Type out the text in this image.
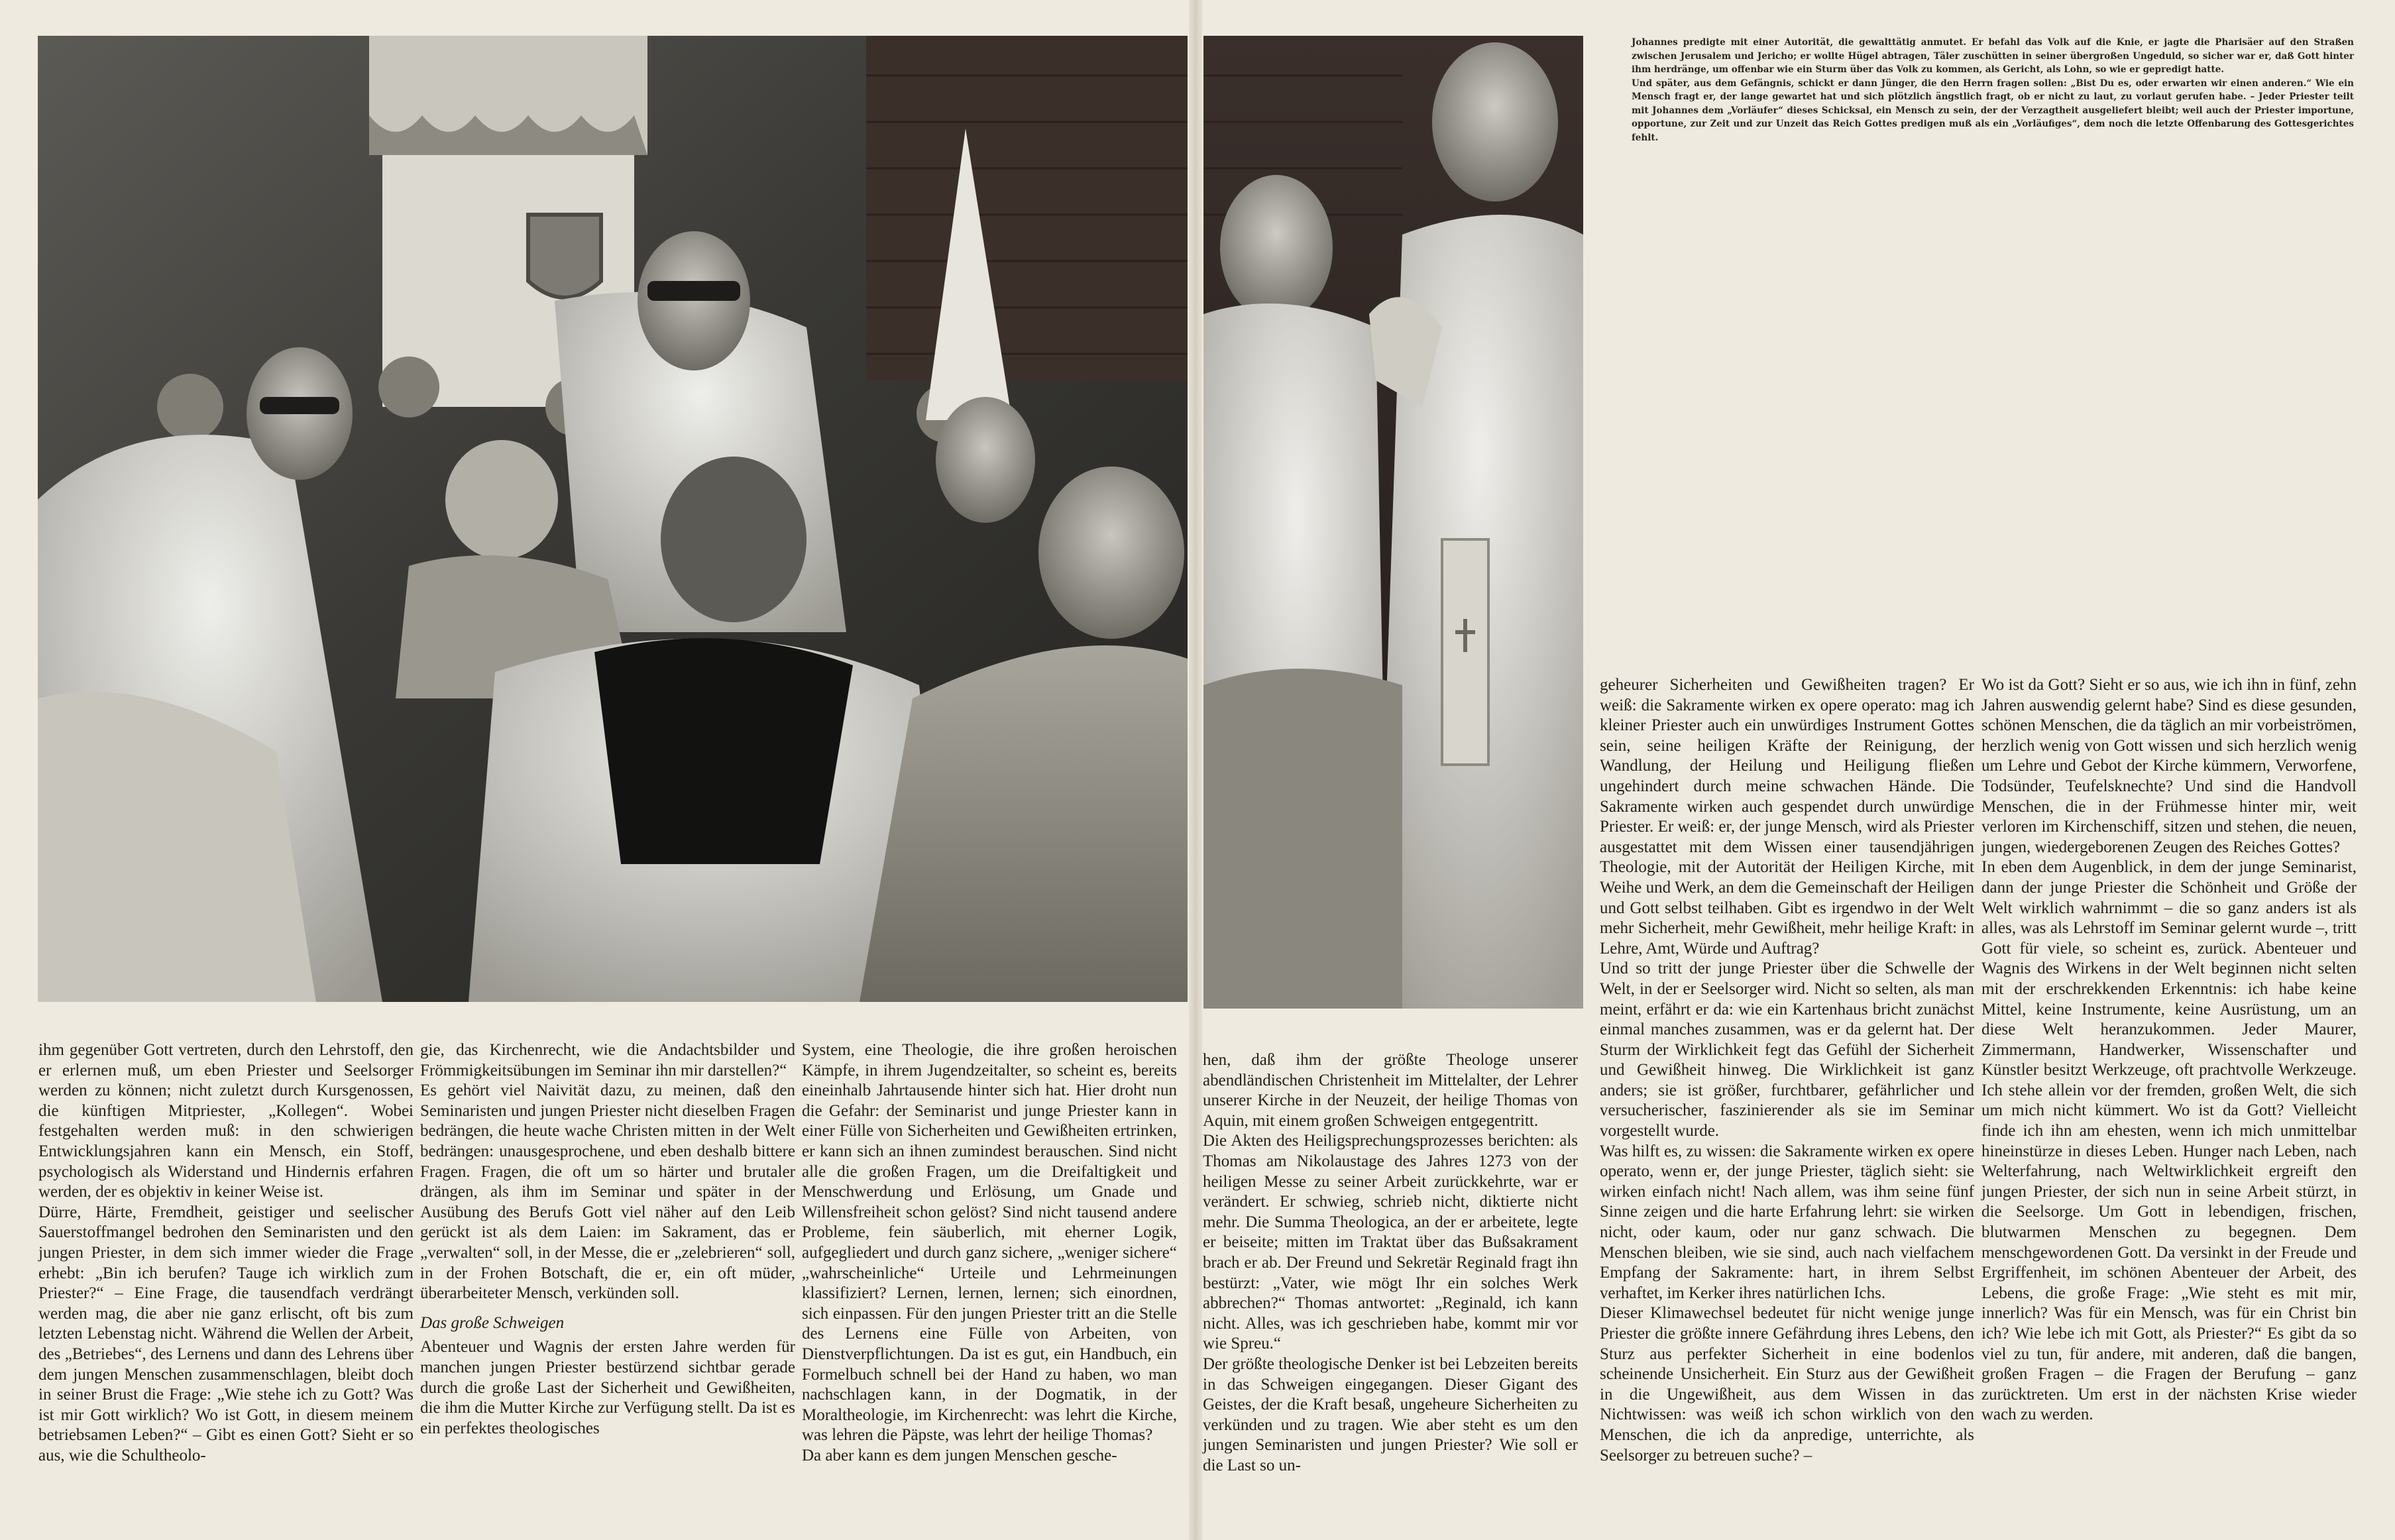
Johannes predigte mit einer Autorität, die gewalttätig anmutet. Er befahl das Volk auf die Knie, er jagte die Pharisäer auf den Straßen zwischen Jerusalem und Jericho; er wollte Hügel abtragen, Täler zuschütten in seiner übergroßen Ungeduld, so sicher war er, daß Gott hinter ihm herdränge, um offenbar wie ein Sturm über das Volk zu kommen, als Gericht, als Lohn, so wie er gepredigt hatte.

Und später, aus dem Gefängnis, schickt er dann Jünger, die den Herrn fragen sollen: „Bist Du es, oder erwarten wir einen anderen.“ Wie ein Mensch fragt er, der lange gewartet hat und sich plötzlich ängstlich fragt, ob er nicht zu laut, zu vorlaut gerufen habe. – Jeder Priester teilt mit Johannes dem „Vorläufer“ dieses Schicksal, ein Mensch zu sein, der der Verzagtheit ausgeliefert bleibt; weil auch der Priester importune, opportune, zur Zeit und zur Unzeit das Reich Gottes predigen muß als ein „Vorläufiges“, dem noch die letzte Offenbarung des Gottesgerichtes fehlt.

ihm gegenüber Gott vertreten, durch den Lehrstoff, den er erlernen muß, um eben Priester und Seelsorger werden zu können; nicht zuletzt durch Kursgenossen, die künftigen Mitpriester, „Kollegen“. Wobei festgehalten werden muß: in den schwierigen Entwicklungsjahren kann ein Mensch, ein Stoff, psychologisch als Widerstand und Hindernis erfahren werden, der es objektiv in keiner Weise ist.

Dürre, Härte, Fremdheit, geistiger und seelischer Sauerstoffmangel bedrohen den Seminaristen und den jungen Priester, in dem sich immer wieder die Frage erhebt: „Bin ich berufen? Tauge ich wirklich zum Priester?“ – Eine Frage, die tausendfach verdrängt werden mag, die aber nie ganz erlischt, oft bis zum letzten Lebenstag nicht. Während die Wellen der Arbeit, des „Betriebes“, des Lernens und dann des Lehrens über dem jungen Menschen zusammenschlagen, bleibt doch in seiner Brust die Frage: „Wie stehe ich zu Gott? Was ist mir Gott wirklich? Wo ist Gott, in diesem meinem betriebsamen Leben?“ – Gibt es einen Gott? Sieht er so aus, wie die Schultheolo-

gie, das Kirchenrecht, wie die Andachtsbilder und Frömmigkeitsübungen im Seminar ihn mir darstellen?“

Es gehört viel Naivität dazu, zu meinen, daß den Seminaristen und jungen Priester nicht dieselben Fragen bedrängen, die heute wache Christen mitten in der Welt bedrängen: unausgesprochene, und eben deshalb bittere Fragen. Fragen, die oft um so härter und brutaler drängen, als ihm im Seminar und später in der Ausübung des Berufs Gott viel näher auf den Leib gerückt ist als dem Laien: im Sakrament, das er „verwalten“ soll, in der Messe, die er „zelebrieren“ soll, in der Frohen Botschaft, die er, ein oft müder, überarbeiteter Mensch, verkünden soll.

Das große Schweigen

Abenteuer und Wagnis der ersten Jahre werden für manchen jungen Priester bestürzend sichtbar gerade durch die große Last der Sicherheit und Gewißheiten, die ihm die Mutter Kirche zur Verfügung stellt. Da ist es ein perfektes theologisches

System, eine Theologie, die ihre großen heroischen Kämpfe, in ihrem Jugendzeitalter, so scheint es, bereits eineinhalb Jahrtausende hinter sich hat. Hier droht nun die Gefahr: der Seminarist und junge Priester kann in einer Fülle von Sicherheiten und Gewißheiten ertrinken, er kann sich an ihnen zumindest berauschen. Sind nicht alle die großen Fragen, um die Dreifaltigkeit und Menschwerdung und Erlösung, um Gnade und Willensfreiheit schon gelöst? Sind nicht tausend andere Probleme, fein säuberlich, mit eherner Logik, aufgegliedert und durch ganz sichere, „weniger sichere“ „wahrscheinliche“ Urteile und Lehrmeinungen klassifiziert? Lernen, lernen, lernen; sich einordnen, sich einpassen. Für den jungen Priester tritt an die Stelle des Lernens eine Fülle von Arbeiten, von Dienstverpflichtungen. Da ist es gut, ein Handbuch, ein Formelbuch schnell bei der Hand zu haben, wo man nachschlagen kann, in der Dogmatik, in der Moraltheologie, im Kirchenrecht: was lehrt die Kirche, was lehren die Päpste, was lehrt der heilige Thomas?

Da aber kann es dem jungen Menschen gesche-

hen, daß ihm der größte Theologe unserer abendländischen Christenheit im Mittelalter, der Lehrer unserer Kirche in der Neuzeit, der heilige Thomas von Aquin, mit einem großen Schweigen entgegentritt.

Die Akten des Heiligsprechungsprozesses berichten: als Thomas am Nikolaustage des Jahres 1273 von der heiligen Messe zu seiner Arbeit zurückkehrte, war er verändert. Er schwieg, schrieb nicht, diktierte nicht mehr. Die Summa Theologica, an der er arbeitete, legte er beiseite; mitten im Traktat über das Bußsakrament brach er ab. Der Freund und Sekretär Reginald fragt ihn bestürzt: „Vater, wie mögt Ihr ein solches Werk abbrechen?“ Thomas antwortet: „Reginald, ich kann nicht. Alles, was ich geschrieben habe, kommt mir vor wie Spreu.“

Der größte theologische Denker ist bei Lebzeiten bereits in das Schweigen eingegangen. Dieser Gigant des Geistes, der die Kraft besaß, ungeheure Sicherheiten zu verkünden und zu tragen. Wie aber steht es um den jungen Seminaristen und jungen Priester? Wie soll er die Last so un-

geheurer Sicherheiten und Gewißheiten tragen? Er weiß: die Sakramente wirken ex opere operato: mag ich kleiner Priester auch ein unwürdiges Instrument Gottes sein, seine heiligen Kräfte der Reinigung, der Wandlung, der Heilung und Heiligung fließen ungehindert durch meine schwachen Hände. Die Sakramente wirken auch gespendet durch unwürdige Priester. Er weiß: er, der junge Mensch, wird als Priester ausgestattet mit dem Wissen einer tausendjährigen Theologie, mit der Autorität der Heiligen Kirche, mit Weihe und Werk, an dem die Gemeinschaft der Heiligen und Gott selbst teilhaben. Gibt es irgendwo in der Welt mehr Sicherheit, mehr Gewißheit, mehr heilige Kraft: in Lehre, Amt, Würde und Auftrag?

Und so tritt der junge Priester über die Schwelle der Welt, in der er Seelsorger wird. Nicht so selten, als man meint, erfährt er da: wie ein Kartenhaus bricht zunächst einmal manches zusammen, was er da gelernt hat. Der Sturm der Wirklichkeit fegt das Gefühl der Sicherheit und Gewißheit hinweg. Die Wirklichkeit ist ganz anders; sie ist größer, furchtbarer, gefährlicher und versucherischer, faszinierender als sie im Seminar vorgestellt wurde.

Was hilft es, zu wissen: die Sakramente wirken ex opere operato, wenn er, der junge Priester, täglich sieht: sie wirken einfach nicht! Nach allem, was ihm seine fünf Sinne zeigen und die harte Erfahrung lehrt: sie wirken nicht, oder kaum, oder nur ganz schwach. Die Menschen bleiben, wie sie sind, auch nach vielfachem Empfang der Sakramente: hart, in ihrem Selbst verhaftet, im Kerker ihres natürlichen Ichs.

Dieser Klimawechsel bedeutet für nicht wenige junge Priester die größte innere Gefährdung ihres Lebens, den Sturz aus perfekter Sicherheit in eine bodenlos scheinende Unsicherheit. Ein Sturz aus der Gewißheit in die Ungewißheit, aus dem Wissen in das Nichtwissen: was weiß ich schon wirklich von den Menschen, die ich da anpredige, unterrichte, als Seelsorger zu betreuen suche? –

Wo ist da Gott? Sieht er so aus, wie ich ihn in fünf, zehn Jahren auswendig gelernt habe? Sind es diese gesunden, schönen Menschen, die da täglich an mir vorbeiströmen, herzlich wenig von Gott wissen und sich herzlich wenig um Lehre und Gebot der Kirche kümmern, Verworfene, Todsünder, Teufelsknechte? Und sind die Handvoll Menschen, die in der Frühmesse hinter mir, weit verloren im Kirchenschiff, sitzen und stehen, die neuen, jungen, wiedergeborenen Zeugen des Reiches Gottes?

In eben dem Augenblick, in dem der junge Seminarist, dann der junge Priester die Schönheit und Größe der Welt wirklich wahrnimmt – die so ganz anders ist als alles, was als Lehrstoff im Seminar gelernt wurde –, tritt Gott für viele, so scheint es, zurück. Abenteuer und Wagnis des Wirkens in der Welt beginnen nicht selten mit der erschrekkenden Erkenntnis: ich habe keine Mittel, keine Instrumente, keine Ausrüstung, um an diese Welt heranzukommen. Jeder Maurer, Zimmermann, Handwerker, Wissenschafter und Künstler besitzt Werkzeuge, oft prachtvolle Werkzeuge. Ich stehe allein vor der fremden, großen Welt, die sich um mich nicht kümmert. Wo ist da Gott? Vielleicht finde ich ihn am ehesten, wenn ich mich unmittelbar hineinstürze in dieses Leben. Hunger nach Leben, nach Welterfahrung, nach Weltwirklichkeit ergreift den jungen Priester, der sich nun in seine Arbeit stürzt, in die Seelsorge. Um Gott in lebendigen, frischen, blutwarmen Menschen zu begegnen. Dem menschgewordenen Gott. Da versinkt in der Freude und Ergriffenheit, im schönen Abenteuer der Arbeit, des Lebens, die große Frage: „Wie steht es mit mir, innerlich? Was für ein Mensch, was für ein Christ bin ich? Wie lebe ich mit Gott, als Priester?“ Es gibt da so viel zu tun, für andere, mit anderen, daß die bangen, großen Fragen – die Fragen der Berufung – ganz zurücktreten. Um erst in der nächsten Krise wieder wach zu werden.
